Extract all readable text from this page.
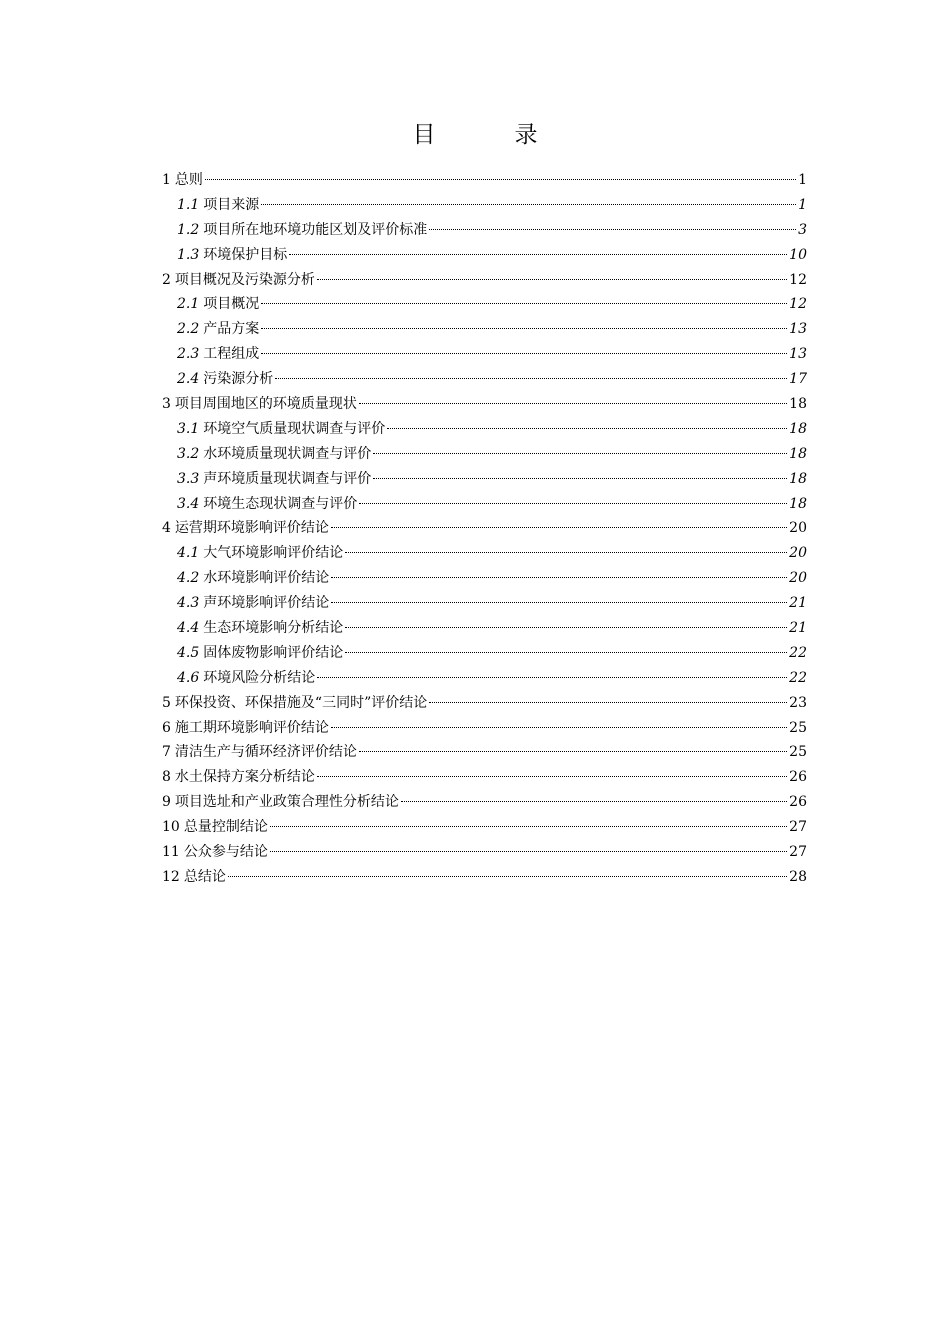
目　录
1 总则	1
1.1 项目来源	1
1.2 项目所在地环境功能区划及评价标准	3
1.3 环境保护目标	10
2 项目概况及污染源分析	12
2.1 项目概况	12
2.2 产品方案	13
2.3 工程组成	13
2.4 污染源分析	17
3 项目周围地区的环境质量现状	18
3.1 环境空气质量现状调查与评价	18
3.2 水环境质量现状调查与评价	18
3.3 声环境质量现状调查与评价	18
3.4 环境生态现状调查与评价	18
4 运营期环境影响评价结论	20
4.1 大气环境影响评价结论	20
4.2 水环境影响评价结论	20
4.3 声环境影响评价结论	21
4.4 生态环境影响分析结论	21
4.5 固体废物影响评价结论	22
4.6 环境风险分析结论	22
5 环保投资、环保措施及“三同时”评价结论	23
6 施工期环境影响评价结论	25
7 清洁生产与循环经济评价结论	25
8 水土保持方案分析结论	26
9 项目选址和产业政策合理性分析结论	26
10 总量控制结论	27
11 公众参与结论	27
12 总结论	28
